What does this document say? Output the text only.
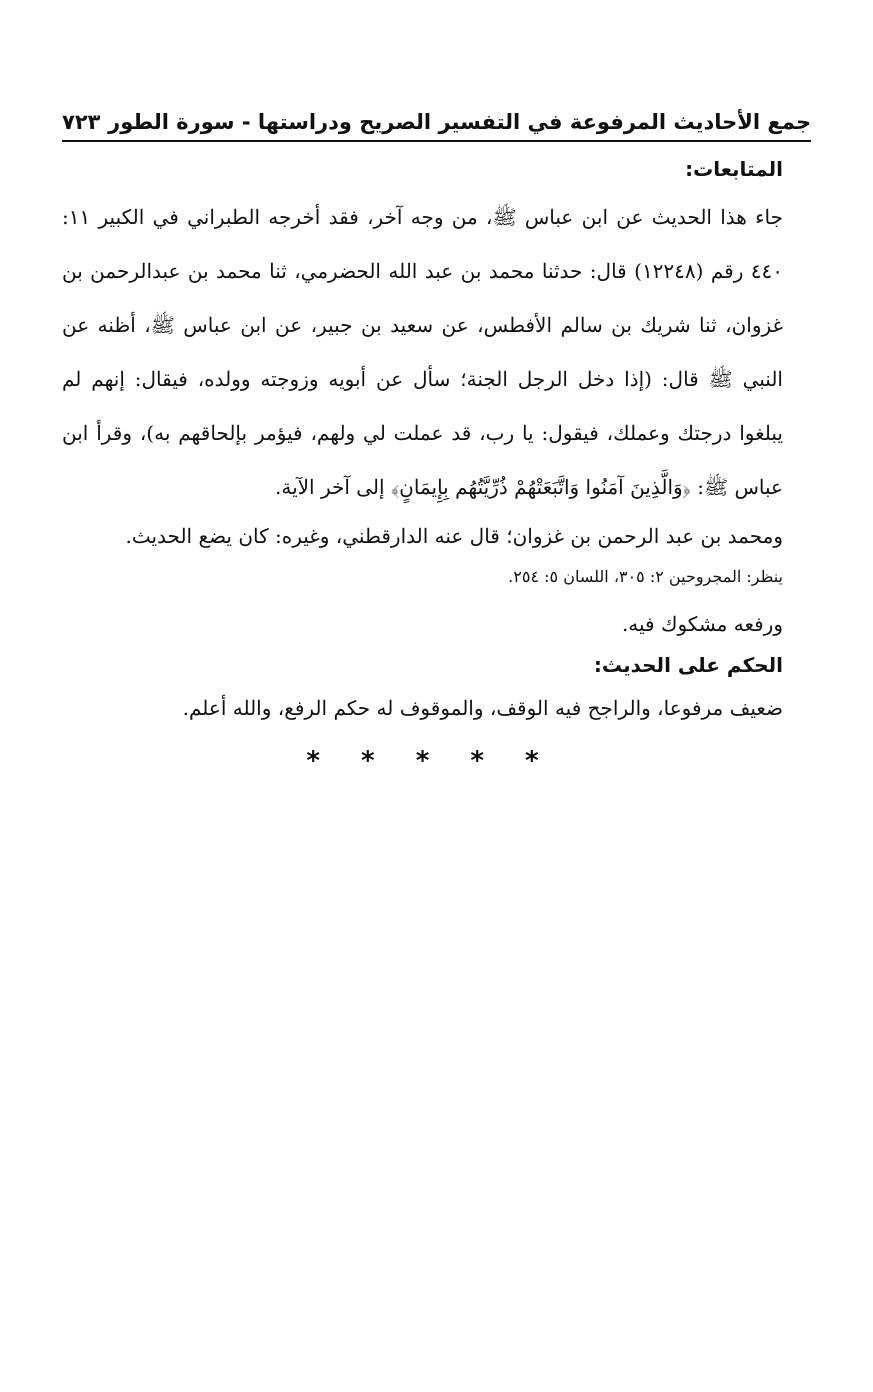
جمع الأحاديث المرفوعة في التفسير الصريح ودراستها - سورة الطور
٧٢٣
المتابعات:

جاء هذا الحديث عن ابن عباس ﷺ، من وجه آخر، فقد أخرجه الطبراني في الكبير ١١: ٤٤٠ رقم (١٢٢٤٨) قال: حدثنا محمد بن عبد الله الحضرمي، ثنا محمد بن عبدالرحمن بن غزوان، ثنا شريك بن سالم الأفطس، عن سعيد بن جبير، عن ابن عباس ﷺ، أظنه عن النبي ﷺ قال: (إذا دخل الرجل الجنة؛ سأل عن أبويه وزوجته وولده، فيقال: إنهم لم يبلغوا درجتك وعملك، فيقول: يا رب، قد عملت لي ولهم، فيؤمر بإلحاقهم به)، وقرأ ابن عباس ﷺ: ﴿وَالَّذِينَ آمَنُوا وَاتَّبَعَتْهُمْ ذُرِّيَّتُهُم بِإِيمَانٍ﴾ إلى آخر الآية.

ومحمد بن عبد الرحمن بن غزوان؛ قال عنه الدارقطني، وغيره: كان يضع الحديث.

ينظر: المجروحين ٢: ٣٠٥، اللسان ٥: ٢٥٤.

ورفعه مشكوك فيه.

الحكم على الحديث:

ضعيف مرفوعا، والراجح فيه الوقف، والموقوف له حكم الرفع، والله أعلم.

* * * * *
